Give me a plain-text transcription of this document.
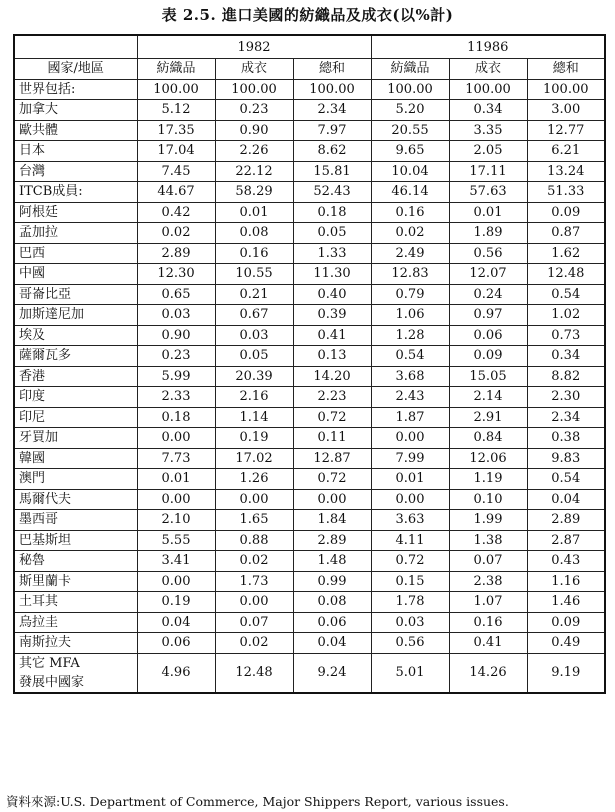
表 2.5. 進口美國的紡織品及成衣(以%計)
	1982			11986		
國家/地區	紡織品	成衣	總和	紡織品	成衣	總和
世界包括:	100.00	100.00	100.00	100.00	100.00	100.00
加拿大	5.12	0.23	2.34	5.20	0.34	3.00
歐共體	17.35	0.90	7.97	20.55	3.35	12.77
日本	17.04	2.26	8.62	9.65	2.05	6.21
台灣	7.45	22.12	15.81	10.04	17.11	13.24
ITCB成員:	44.67	58.29	52.43	46.14	57.63	51.33
阿根廷	0.42	0.01	0.18	0.16	0.01	0.09
孟加拉	0.02	0.08	0.05	0.02	1.89	0.87
巴西	2.89	0.16	1.33	2.49	0.56	1.62
中國	12.30	10.55	11.30	12.83	12.07	12.48
哥崙比亞	0.65	0.21	0.40	0.79	0.24	0.54
加斯達尼加	0.03	0.67	0.39	1.06	0.97	1.02
埃及	0.90	0.03	0.41	1.28	0.06	0.73
薩爾瓦多	0.23	0.05	0.13	0.54	0.09	0.34
香港	5.99	20.39	14.20	3.68	15.05	8.82
印度	2.33	2.16	2.23	2.43	2.14	2.30
印尼	0.18	1.14	0.72	1.87	2.91	2.34
牙買加	0.00	0.19	0.11	0.00	0.84	0.38
韓國	7.73	17.02	12.87	7.99	12.06	9.83
澳門	0.01	1.26	0.72	0.01	1.19	0.54
馬爾代夫	0.00	0.00	0.00	0.00	0.10	0.04
墨西哥	2.10	1.65	1.84	3.63	1.99	2.89
巴基斯坦	5.55	0.88	2.89	4.11	1.38	2.87
秘魯	3.41	0.02	1.48	0.72	0.07	0.43
斯里蘭卡	0.00	1.73	0.99	0.15	2.38	1.16
土耳其	0.19	0.00	0.08	1.78	1.07	1.46
烏拉圭	0.04	0.07	0.06	0.03	0.16	0.09
南斯拉夫	0.06	0.02	0.04	0.56	0.41	0.49

其它 MFA
發展中國家	4.96	12.48	9.24	5.01	14.26	9.19
資料來源:U.S. Department of Commerce, Major Shippers Report, various issues.
